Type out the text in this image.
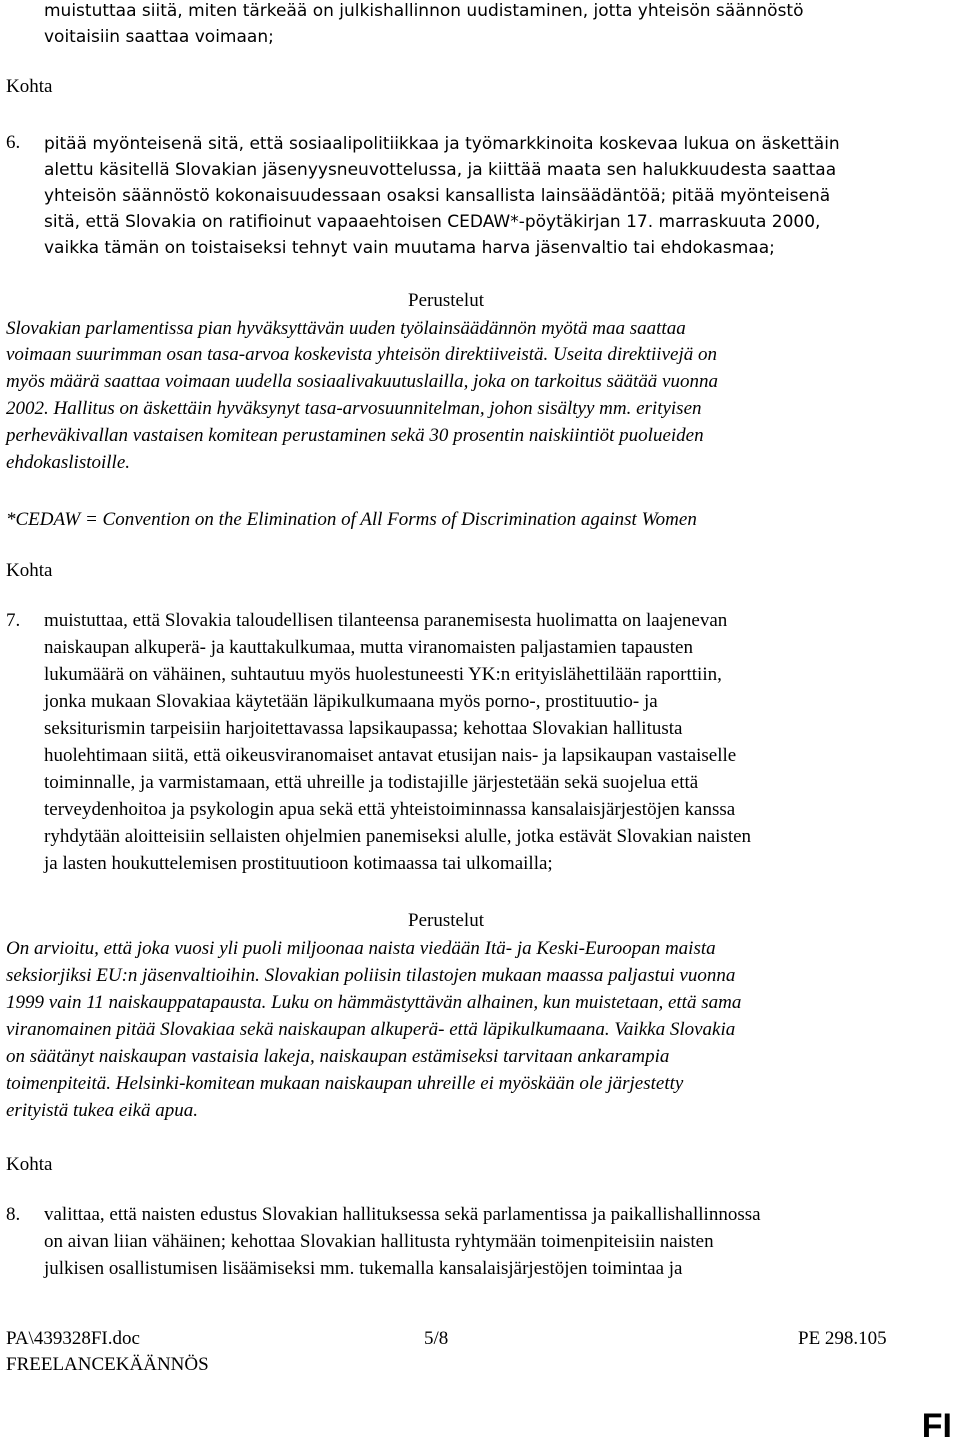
muistuttaa siitä, miten tärkeää on julkishallinnon uudistaminen, jotta yhteisön säännöstö
voitaisiin saattaa voimaan;
Kohta
6. pitää myönteisenä sitä, että sosiaalipolitiikkaa ja työmarkkinoita koskevaa lukua on äskettäin
alettu käsitellä Slovakian jäsenyysneuvottelussa, ja kiittää maata sen halukkuudesta saattaa
yhteisön säännöstö kokonaisuudessaan osaksi kansallista lainsäädäntöä; pitää myönteisenä
sitä, että Slovakia on ratifioinut vapaaehtoisen CEDAW*-pöytäkirjan 17. marraskuuta 2000,
vaikka tämän on toistaiseksi tehnyt vain muutama harva jäsenvaltio tai ehdokasmaa;
Perustelut
Slovakian parlamentissa pian hyväksyttävän uuden työlainsäädännön myötä maa saattaa
voimaan suurimman osan tasa-arvoa koskevista yhteisön direktiiveistä. Useita direktiivejä on
myös määrä saattaa voimaan uudella sosiaalivakuutuslailla, joka on tarkoitus säätää vuonna
2002. Hallitus on äskettäin hyväksynyt tasa-arvosuunnitelman, johon sisältyy mm. erityisen
perheväkivallan vastaisen komitean perustaminen sekä 30 prosentin naiskiintiöt puolueiden
ehdokaslistoille.
*CEDAW = Convention on the Elimination of All Forms of Discrimination against Women
Kohta
7. muistuttaa, että Slovakia taloudellisen tilanteensa paranemisesta huolimatta on laajenevan
naiskaupan alkuperä- ja kauttakulkumaa, mutta viranomaisten paljastamien tapausten
lukumäärä on vähäinen, suhtautuu myös huolestuneesti YK:n erityislähettilään raporttiin,
jonka mukaan Slovakiaa käytetään läpikulkumaana myös porno-, prostituutio- ja
seksiturismin tarpeisiin harjoitettavassa lapsikaupassa; kehottaa Slovakian hallitusta
huolehtimaan siitä, että oikeusviranomaiset antavat etusijan nais- ja lapsikaupan vastaiselle
toiminnalle, ja varmistamaan, että uhreille ja todistajille järjestetään sekä suojelua että
terveydenhoitoa ja psykologin apua sekä että yhteistoiminnassa kansalaisjärjestöjen kanssa
ryhdytään aloitteisiin sellaisten ohjelmien panemiseksi alulle, jotka estävät Slovakian naisten
ja lasten houkuttelemisen prostituutioon kotimaassa tai ulkomailla;
Perustelut
On arvioitu, että joka vuosi yli puoli miljoonaa naista viedään Itä- ja Keski-Euroopan maista
seksiorjiksi EU:n jäsenvaltioihin. Slovakian poliisin tilastojen mukaan maassa paljastui vuonna
1999 vain 11 naiskauppatapausta. Luku on hämmästyttävän alhainen, kun muistetaan, että sama
viranomainen pitää Slovakiaa sekä naiskaupan alkuperä- että läpikulkumaana. Vaikka Slovakia
on säätänyt naiskaupan vastaisia lakeja, naiskaupan estämiseksi tarvitaan ankarampia
toimenpiteitä. Helsinki-komitean mukaan naiskaupan uhreille ei myöskään ole järjestetty
erityistä tukea eikä apua.
Kohta
8. valittaa, että naisten edustus Slovakian hallituksessa sekä parlamentissa ja paikallishallinnossa
on aivan liian vähäinen; kehottaa Slovakian hallitusta ryhtymään toimenpiteisiin naisten
julkisen osallistumisen lisäämiseksi mm. tukemalla kansalaisjärjestöjen toimintaa ja
PA\439328FI.doc	5/8	PE 298.105
FREELANCEKÄÄNNÖS
FI
